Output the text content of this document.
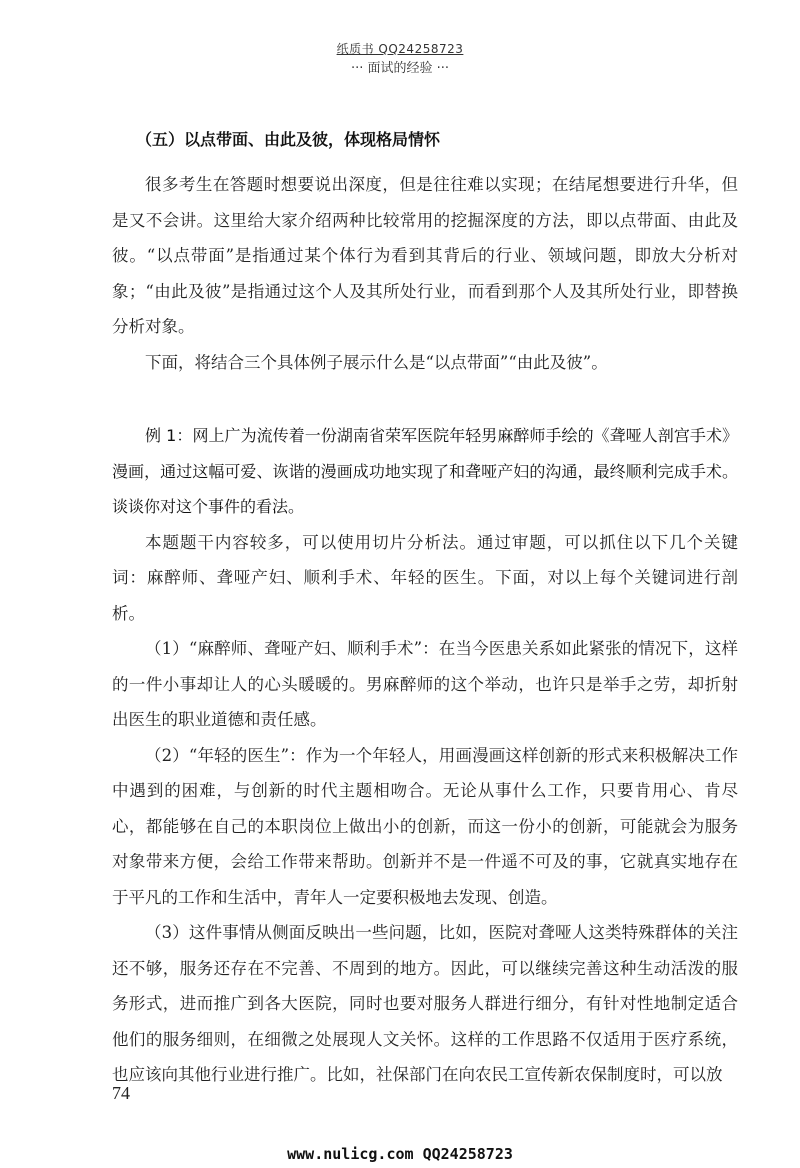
纸质书 QQ24258723
··· 面试的经验 ···
（五）以点带面、由此及彼，体现格局情怀

很多考生在答题时想要说出深度，但是往往难以实现；在结尾想要进行升华，但是又不会讲。这里给大家介绍两种比较常用的挖掘深度的方法，即以点带面、由此及彼。“以点带面”是指通过某个体行为看到其背后的行业、领域问题，即放大分析对象；“由此及彼”是指通过这个人及其所处行业，而看到那个人及其所处行业，即替换分析对象。

下面，将结合三个具体例子展示什么是“以点带面”“由此及彼”。

例 1：网上广为流传着一份湖南省荣军医院年轻男麻醉师手绘的《聋哑人剖宫手术》漫画，通过这幅可爱、诙谐的漫画成功地实现了和聋哑产妇的沟通，最终顺利完成手术。谈谈你对这个事件的看法。

本题题干内容较多，可以使用切片分析法。通过审题，可以抓住以下几个关键词：麻醉师、聋哑产妇、顺利手术、年轻的医生。下面，对以上每个关键词进行剖析。

（1）“麻醉师、聋哑产妇、顺利手术”：在当今医患关系如此紧张的情况下，这样的一件小事却让人的心头暖暖的。男麻醉师的这个举动，也许只是举手之劳，却折射出医生的职业道德和责任感。

（2）“年轻的医生”：作为一个年轻人，用画漫画这样创新的形式来积极解决工作中遇到的困难，与创新的时代主题相吻合。无论从事什么工作，只要肯用心、肯尽心，都能够在自己的本职岗位上做出小的创新，而这一份小的创新，可能就会为服务对象带来方便，会给工作带来帮助。创新并不是一件遥不可及的事，它就真实地存在于平凡的工作和生活中，青年人一定要积极地去发现、创造。

（3）这件事情从侧面反映出一些问题，比如，医院对聋哑人这类特殊群体的关注还不够，服务还存在不完善、不周到的地方。因此，可以继续完善这种生动活泼的服务形式，进而推广到各大医院，同时也要对服务人群进行细分，有针对性地制定适合他们的服务细则，在细微之处展现人文关怀。这样的工作思路不仅适用于医疗系统，也应该向其他行业进行推广。比如，社保部门在向农民工宣传新农保制度时，可以放

74
www.nulicg.com QQ24258723
